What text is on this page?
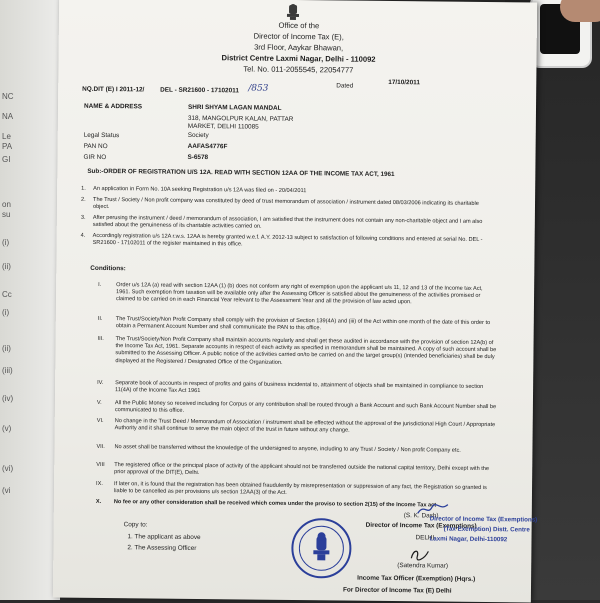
NC
NA
Le
PA
GI
on
su
(i)
(ii)
Cc
(i)
(ii)
(iii)
(iv)
(v)
(vi)
(vi
Office of the
Director of Income Tax (E),
3rd Floor, Aaykar Bhawan,
District Centre Laxmi Nagar, Delhi - 110092
Tel. No. 011-2055545, 22054777
NQ.DIT (E) I 2011-12/ DEL - SR21600 - 17102011 /853	Dated	17/10/2011
NAME & ADDRESS	SHRI SHYAM LAGAN MANDAL
318, MANGOLPUR KALAN, PATTAR
MARKET, DELHI 110085
Legal Status	Society
PAN NO	AAFAS4776F
GIR NO	S-6578
Sub:-ORDER OF REGISTRATION U/S 12A. READ WITH SECTION 12AA OF THE INCOME TAX ACT, 1961
1. An application in Form No. 10A seeking Registration u/s 12A was filed on - 20/04/2011
2. The Trust / Society / Non profit company was constituted by deed of trust memorandum of association / instrument dated 08/03/2006 indicating its charitable object.
3. After perusing the instrument / deed / memorandum of association, I am satisfied that the instrument does not contain any non-charitable object and I am also satisfied about the genuineness of its charitable activities carried on.
4. Accordingly registration u/s 12A r.w.s. 12AA is hereby granted w.e.f. A.Y. 2012-13 subject to satisfaction of following conditions and entered at serial No. DEL - SR21600 - 17102011 of the register maintained in this office.
Conditions:
I.	Order u/s 12A (a) read with section 12AA (1) (b) does not conform any right of exemption upon the applicant u/s 11, 12 and 13 of the Income tax Act, 1961. Such exemption from taxation will be available only after the Assessing Officer is satisfied about the genuineness of the activities promised or claimed to be carried on in each Financial Year relevant to the Assessment Year and all the provision of law acted upon.
II. The Trust/Society/Non Profit Company shall comply with the provision of Section 139(4A) and (iii) of the Act within one month of the date of this order to obtain a Permanent Account Number and shall communicate the PAN to this office.
III. The Trust/Society/Non Profit Company shall maintain accounts regularly and shall get these audited in accordance with the provision of section 12A(b) of the Income Tax Act, 1961. Separate accounts in respect of each activity as specified in memorandum shall be maintained. A copy of such account shall be submitted to the Assessing Officer. A public notice of the activities carried on/to be carried on and the target group(s) (intended beneficiaries) shall be duly displayed at the Registered / Designated Office of the Organization.
IV. Separate book of accounts in respect of profits and gains of business incidental to, attainment of objects shall be maintained in compliance to section 11(4A) of the Income Tax Act 1961
V. All the Public Money so received including for Corpus or any contribution shall be routed through a Bank Account and such Bank Account Number shall be communicated to this office.
VI. No change in the Trust Deed / Memorandum of Association / instrument shall be effected without the approval of the jurisdictional High Court / Appropriate Authority and it shall continue to serve the main object of the trust in future without any change.
VII. No asset shall be transferred without the knowledge of the undersigned to anyone, including to any Trust / Society / Non profit Company etc.
VIII The registered office or the principal place of activity of the applicant should not be transferred outside the national capital territory, Delhi except with the prior approval of the DIT(E), Delhi.
IX. If later on, it is found that the registration has been obtained fraudulently by misrepresentation or suppression of any fact, the Registration so granted is liable to be cancelled as per provisions u/s section 12AA(3) of the Act.
X. No fee or any other consideration shall be received which comes under the proviso to section 2(15) of the Income Tax act
Copy to:
1. The applicant as above
2. The Assessing Officer
(S. K. Dash)
Director of Income Tax (Exemptions)
DELHI
Director of Income Tax (Exemptions)
(Tax Exemption) Distt. Centre
Laxmi Nagar, Delhi-110092
(Satendra Kumar)
Income Tax Officer (Exemption) (Hqrs.)
For Director of Income Tax (E) Delhi
